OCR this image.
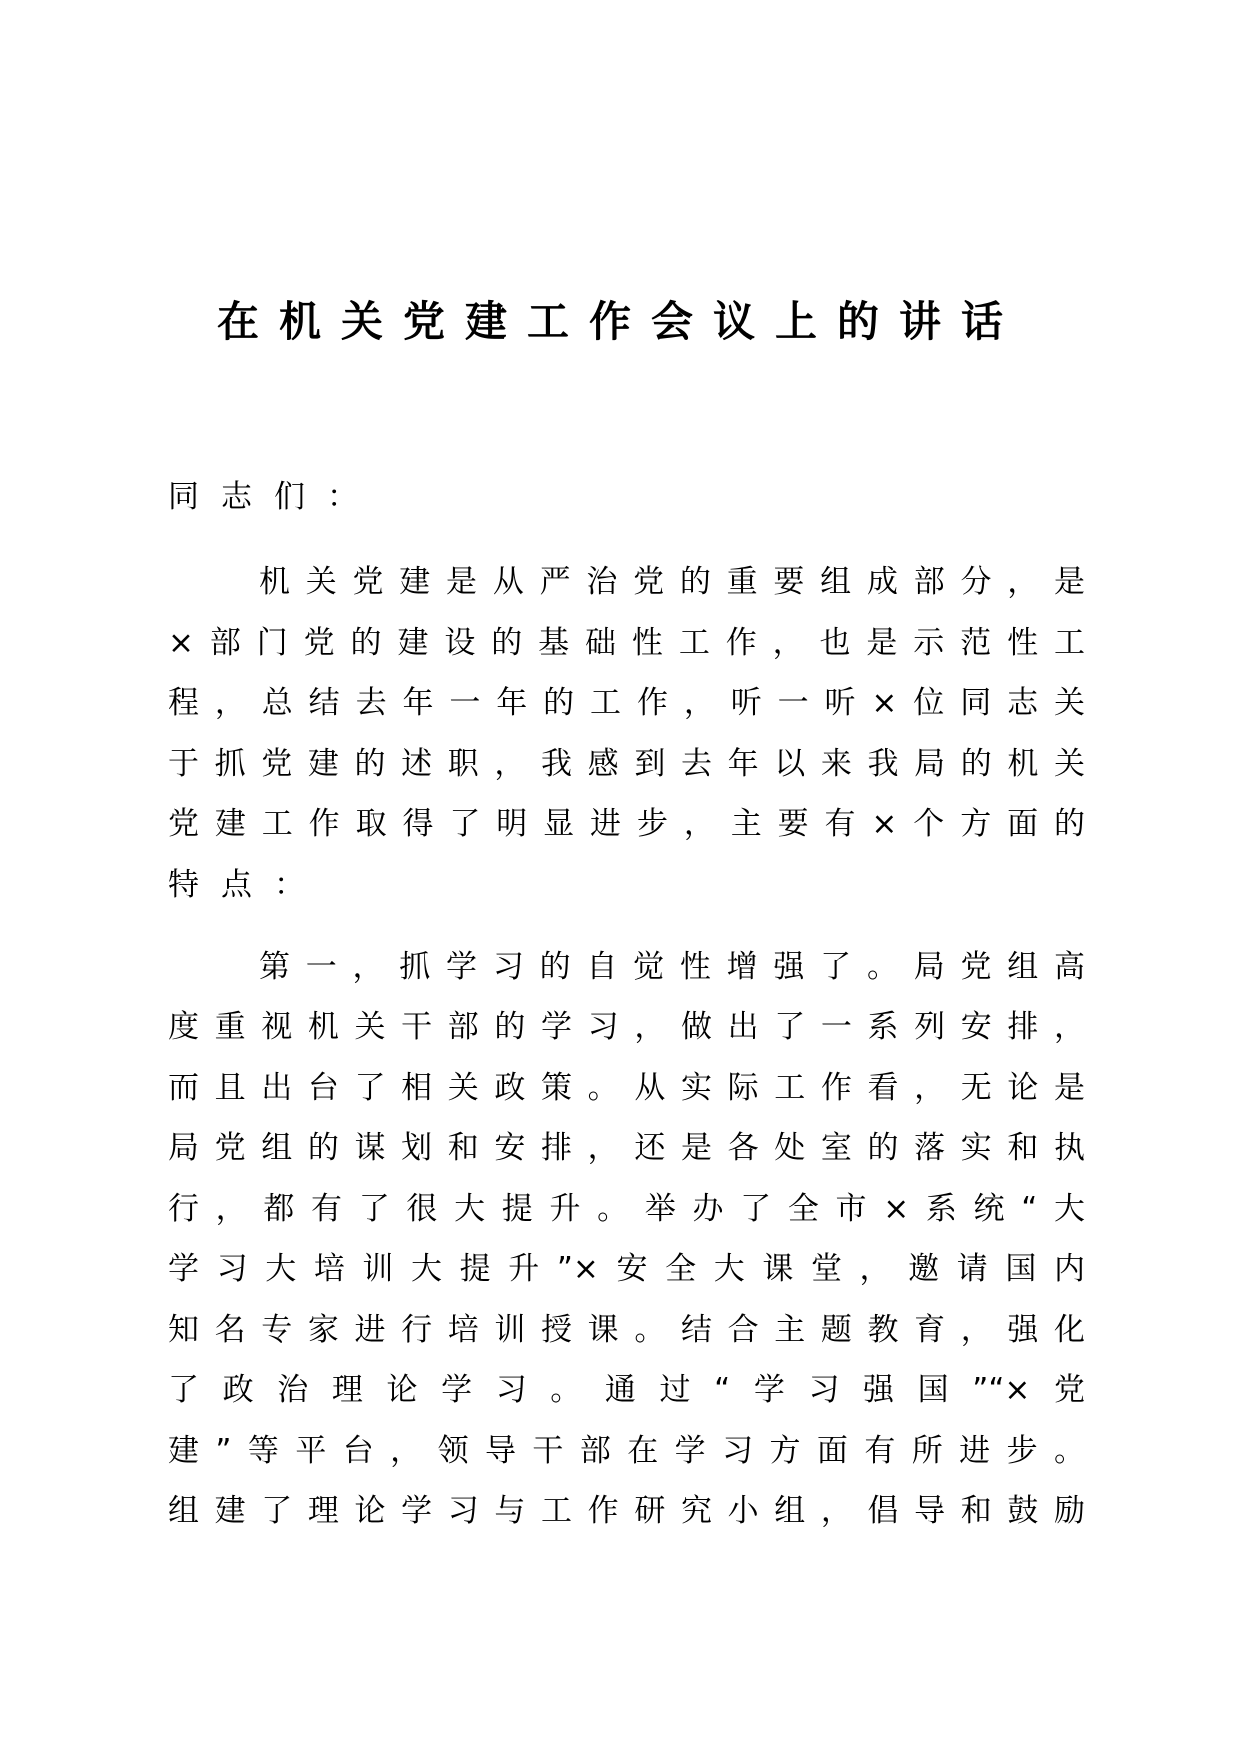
在机关党建工作会议上的讲话
同志们：
机关党建是从严治党的重要组成部分，是
×部门党的建设的基础性工作，也是示范性工
程，总结去年一年的工作，听一听×位同志关
于抓党建的述职，我感到去年以来我局的机关
党建工作取得了明显进步，主要有×个方面的
特点：
第一，抓学习的自觉性增强了。局党组高
度重视机关干部的学习，做出了一系列安排，
而且出台了相关政策。从实际工作看，无论是
局党组的谋划和安排，还是各处室的落实和执
行，都有了很大提升。举办了全市×系统“大
学习大培训大提升”×安全大课堂，邀请国内
知名专家进行培训授课。结合主题教育，强化
了政治理论学习。通过“学习强国”“×党
建”等平台，领导干部在学习方面有所进步。
组建了理论学习与工作研究小组，倡导和鼓励
